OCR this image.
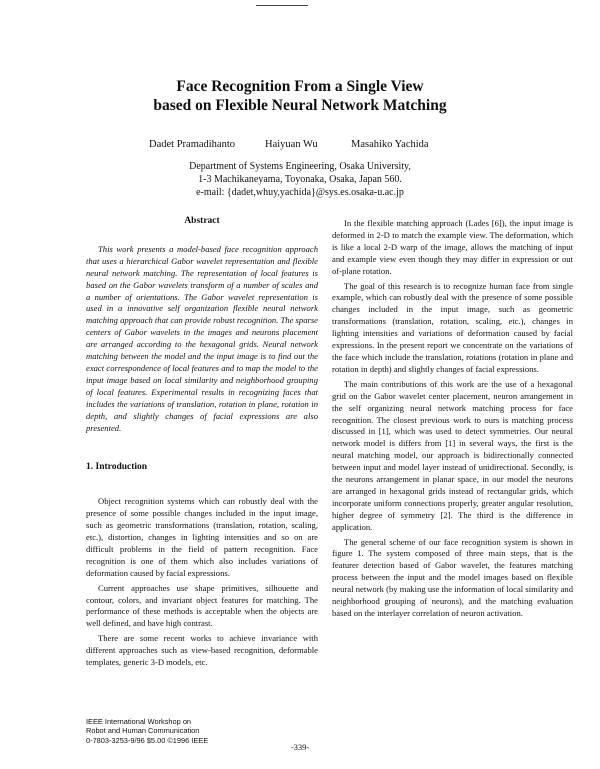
Face Recognition From a Single View
based on Flexible Neural Network Matching
Dadet Pramadihanto	Haiyuan Wu	Masahiko Yachida
Department of Systems Engineering, Osaka University,
1-3 Machikaneyama, Toyonaka, Osaka, Japan 560.
e-mail: {dadet,whuy,yachida}@sys.es.osaka-u.ac.jp
Abstract

This work presents a model-based face recognition approach that uses a hierarchical Gabor wavelet representation and flexible neural network matching. The representation of local features is based on the Gabor wavelets transform of a number of scales and a number of orientations. The Gabor wavelet representation is used in a innovative self organization flexible neural network matching approach that can provide robust recognition. The sparse centers of Gabor wavelets in the images and neurons placement are arranged according to the hexagonal grids. Neural network matching between the model and the input image is to find out the exact correspondence of local features and to map the model to the input image based on local similarity and neighborhood grouping of local features. Experimental results in recognizing faces that includes the variations of translation, rotation in plane, rotation in depth, and slightly changes of facial expressions are also presented.

1. Introduction

Object recognition systems which can robustly deal with the presence of some possible changes included in the input image, such as geometric transformations (translation, rotation, scaling, etc.), distortion, changes in lighting intensities and so on are difficult problems in the field of pattern recognition. Face recognition is one of them which also includes variations of deformation caused by facial expressions.

Current approaches use shape primitives, silhouette and contour, colors, and invariant object features for matching. The performance of these methods is acceptable when the objects are well defined, and have high contrast.

There are some recent works to achieve invariance with different approaches such as view-based recognition, deformable templates, generic 3-D models, etc.

In the flexible matching approach (Lades [6]), the input image is deformed in 2-D to match the example view. The deformation, which is like a local 2-D warp of the image, allows the matching of input and example view even though they may differ in expression or out of-plane rotation.

The goal of this research is to recognize human face from single example, which can robustly deal with the presence of some possible changes included in the input image, such as geometric transformations (translation, rotation, scaling, etc.), changes in lighting intensities and variations of deformation caused by facial expressions. In the present report we concentrate on the variations of the face which include the translation, rotations (rotation in plane and rotation in depth) and slightly changes of facial expressions.

The main contributions of this work are the use of a hexagonal grid on the Gabor wavelet center placement, neuron arrangement in the self organizing neural network matching process for face recognition. The closest previous work to ours is matching process discussed in [1], which was used to detect symmetries. Our neural network model is differs from [1] in several ways, the first is the neural matching model, our approach is bidirectionally connected between input and model layer instead of unidirectional. Secondly, is the neurons arrangement in planar space, in our model the neurons are arranged in hexagonal grids instead of rectangular grids, which incorporate uniform connections properly, greater angular resolution, higher degree of symmetry [2]. The third is the difference in application.

The general scheme of our face recognition system is shown in figure 1. The system composed of three main steps, that is the featurer detection based of Gabor wavelet, the features matching process between the input and the model images based on flexible neural network (by making use the information of local similarity and neighborhood grouping of neurons), and the matching evaluation based on the interlayer correlation of neuron activation.

IEEE International Workshop on
Robot and Human Communication
0-7803-3253-9/96 $5.00 ©1996 IEEE
-339-
